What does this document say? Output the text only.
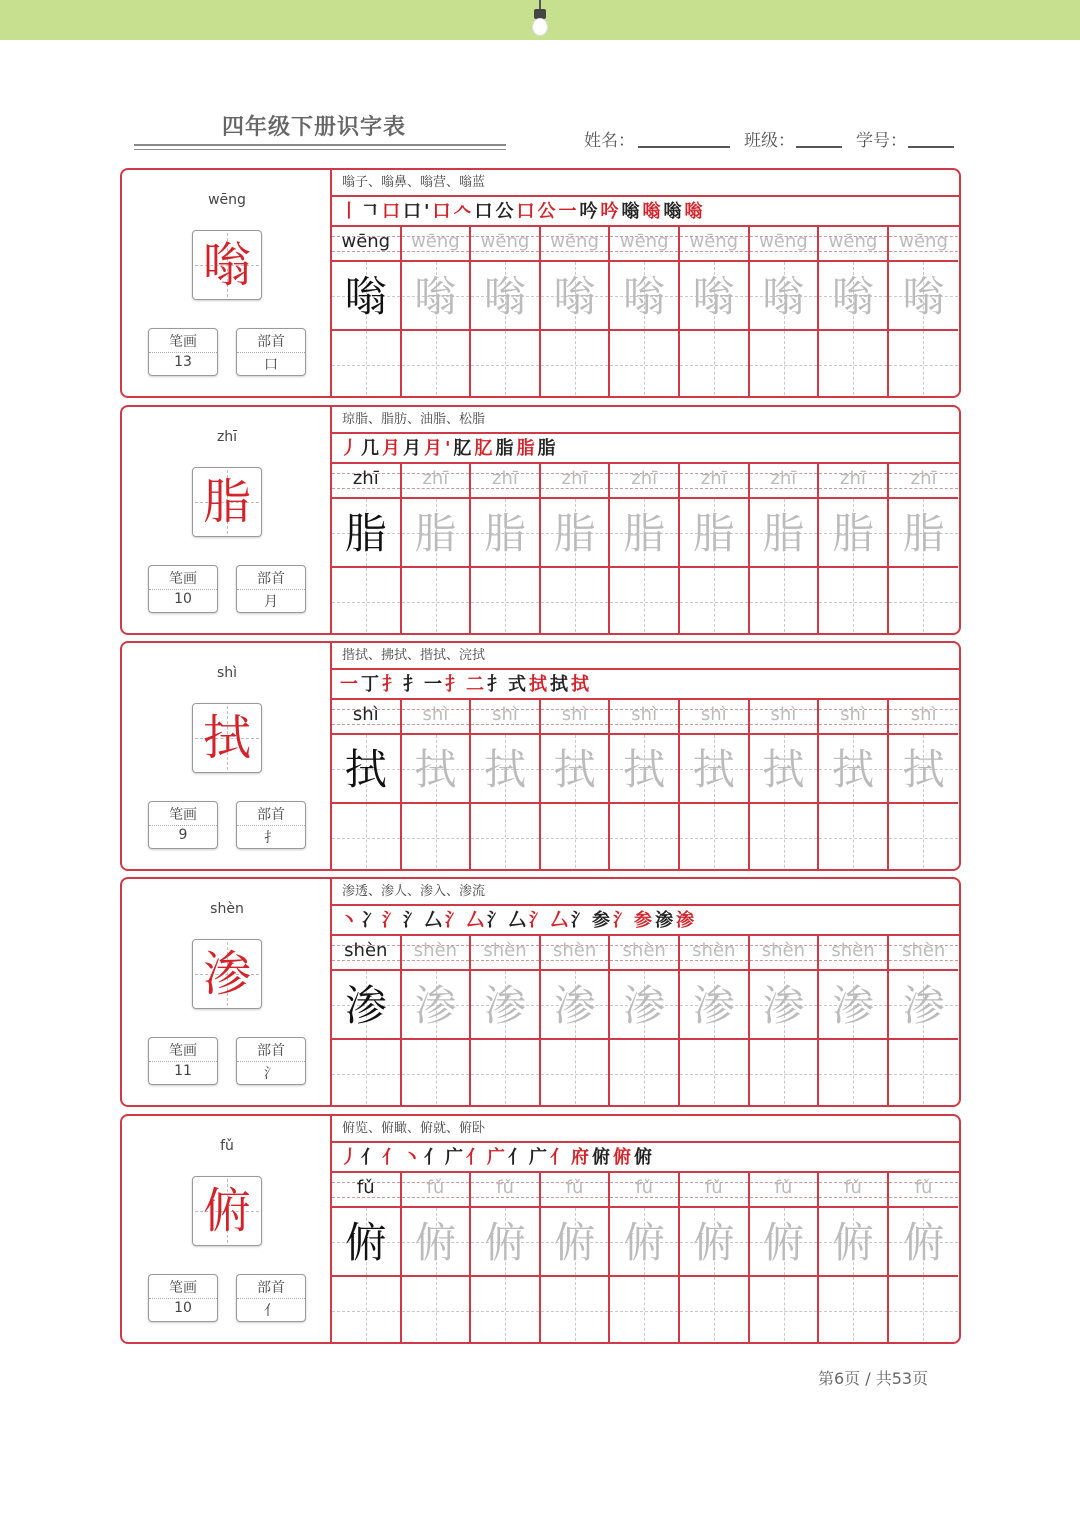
四年级下册识字表
姓名：	班级：	学号：
wēng
嗡
笔画
13
部首
口
嗡子、嗡鼻、嗡营、嗡蓝
丨𠃍口口'口𠆢口公口公一吟吟嗡嗡嗡嗡
wēng
嗡
wēng
嗡
wēng
嗡
wēng
嗡
wēng
嗡
wēng
嗡
wēng
嗡
wēng
嗡
wēng
嗡
zhī
脂
笔画
10
部首
月
琼脂、脂肪、油脂、松脂
丿几月月月'肊肊脂脂脂
zhī
脂
zhī
脂
zhī
脂
zhī
脂
zhī
脂
zhī
脂
zhī
脂
zhī
脂
zhī
脂
shì
拭
笔画
9
部首
扌
揩拭、拂拭、揩拭、浣拭
一丁扌扌一扌二扌式拭拭拭
shì
拭
shì
拭
shì
拭
shì
拭
shì
拭
shì
拭
shì
拭
shì
拭
shì
拭
shèn
渗
笔画
11
部首
氵
渗透、渗人、渗入、渗流
丶冫氵氵厶氵厶氵厶氵厶氵参氵参渗渗
shèn
渗
shèn
渗
shèn
渗
shèn
渗
shèn
渗
shèn
渗
shèn
渗
shèn
渗
shèn
渗
fǔ
俯
笔画
10
部首
亻
俯览、俯瞰、俯就、俯卧
丿亻亻丶亻广亻广亻广亻府俯俯俯
fǔ
俯
fǔ
俯
fǔ
俯
fǔ
俯
fǔ
俯
fǔ
俯
fǔ
俯
fǔ
俯
fǔ
俯
第6页 / 共53页
